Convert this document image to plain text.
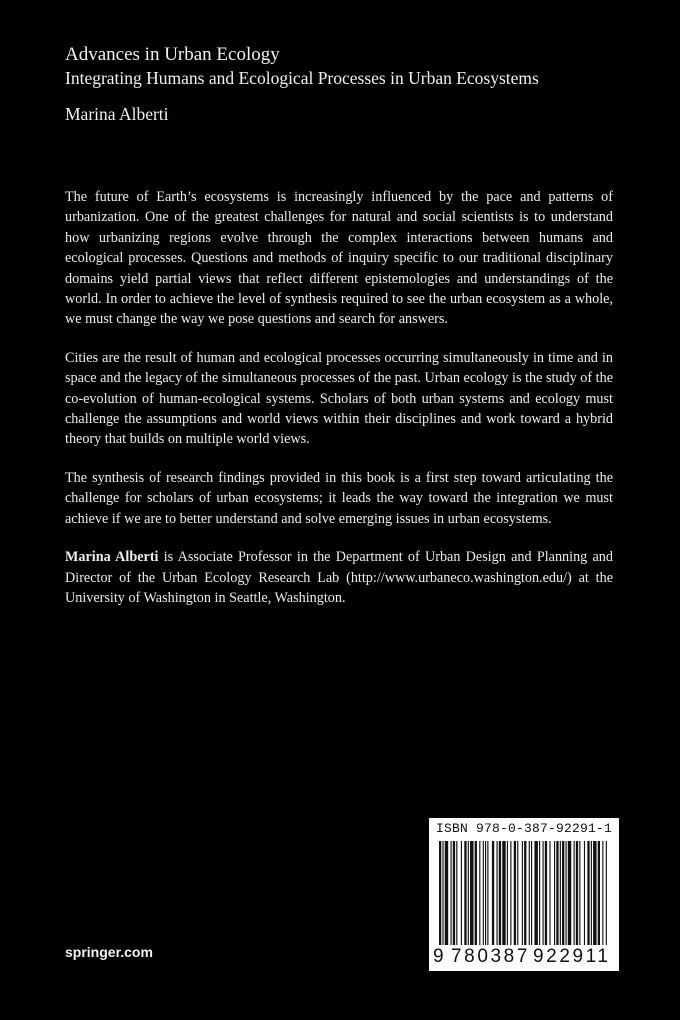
Advances in Urban Ecology
Integrating Humans and Ecological Processes in Urban Ecosystems
Marina Alberti

The future of Earth’s ecosystems is increasingly influenced by the pace and patterns of urbanization. One of the greatest challenges for natural and social scientists is to understand how urbanizing regions evolve through the complex interactions between humans and ecological processes. Questions and methods of inquiry specific to our traditional disciplinary domains yield partial views that reflect different epistemologies and understandings of the world. In order to achieve the level of synthesis required to see the urban ecosystem as a whole, we must change the way we pose questions and search for answers.

Cities are the result of human and ecological processes occurring simultaneously in time and in space and the legacy of the simultaneous processes of the past. Urban ecology is the study of the co-evolution of human-ecological systems. Scholars of both urban systems and ecology must challenge the assumptions and world views within their disciplines and work toward a hybrid theory that builds on multiple world views.

The synthesis of research findings provided in this book is a first step toward articulating the challenge for scholars of urban ecosystems; it leads the way toward the integration we must achieve if we are to better understand and solve emerging issues in urban ecosystems.

Marina Alberti is Associate Professor in the Department of Urban Design and Planning and Director of the Urban Ecology Research Lab (http://www.urbaneco.washington.edu/) at the University of Washington in Seattle, Washington.

springer.com
ISBN 978-0-387-92291-1
9 780387 922911
